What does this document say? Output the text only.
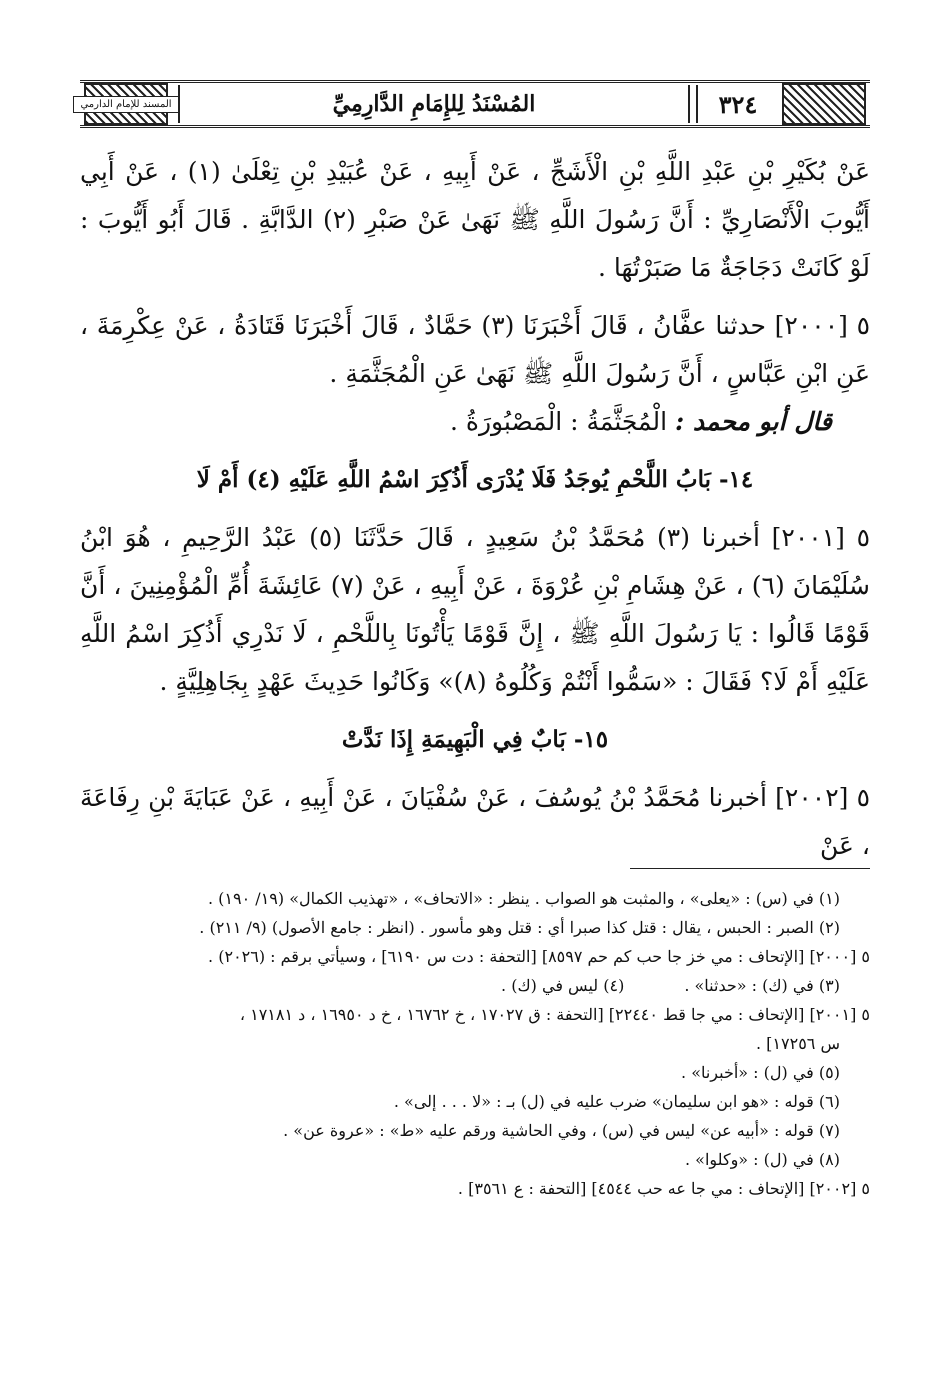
المسند للإمام الدارمي	المُسْنَدُ لِلإِمَامِ الدَّارِمِيِّ	٣٢٤

عَنْ بُكَيْرِ بْنِ عَبْدِ اللَّهِ بْنِ الْأَشَجِّ ، عَنْ أَبِيهِ ، عَنْ عُبَيْدِ بْنِ تِعْلَىٰ (١) ، عَنْ أَبِي أَيُّوبَ الْأَنْصَارِيِّ : أَنَّ رَسُولَ اللَّهِ ﷺ نَهَىٰ عَنْ صَبْرِ (٢) الدَّابَّةِ . قَالَ أَبُو أَيُّوبَ : لَوْ كَانَتْ دَجَاجَةٌ مَا صَبَرْتُهَا .

٥ [٢٠٠٠] حدثنا عفَّانُ ، قَالَ أَخْبَرَنَا (٣) حَمَّادٌ ، قَالَ أَخْبَرَنَا قَتَادَةُ ، عَنْ عِكْرِمَةَ ، عَنِ ابْنِ عَبَّاسٍ ، أَنَّ رَسُولَ اللَّهِ ﷺ نَهَىٰ عَنِ الْمُجَثَّمَةِ .

قال أبو محمد : الْمُجَثَّمَةُ : الْمَصْبُورَةُ .

١٤- بَابُ اللَّحْمِ يُوجَدُ فَلَا يُدْرَى أَذُكِرَ اسْمُ اللَّهِ عَلَيْهِ (٤) أَمْ لَا

٥ [٢٠٠١] أخبرنا (٣) مُحَمَّدُ بْنُ سَعِيدٍ ، قَالَ حَدَّثَنَا (٥) عَبْدُ الرَّحِيمِ ، هُوَ ابْنُ سُلَيْمَانَ (٦) ، عَنْ هِشَامِ بْنِ عُرْوَةَ ، عَنْ أَبِيهِ ، عَنْ (٧) عَائِشَةَ أُمِّ الْمُؤْمِنِينَ ، أَنَّ قَوْمًا قَالُوا : يَا رَسُولَ اللَّهِ ﷺ ، إِنَّ قَوْمًا يَأْتُونَا بِاللَّحْمِ ، لَا نَدْرِي أَذُكِرَ اسْمُ اللَّهِ عَلَيْهِ أَمْ لَا؟ فَقَالَ : «سَمُّوا أَنْتُمْ وَكُلُوهُ (٨)» وَكَانُوا حَدِيثَ عَهْدٍ بِجَاهِلِيَّةٍ .

١٥- بَابٌ فِي الْبَهِيمَةِ إِذَا نَدَّتْ

٥ [٢٠٠٢] أخبرنا مُحَمَّدُ بْنُ يُوسُفَ ، عَنْ سُفْيَانَ ، عَنْ أَبِيهِ ، عَنْ عَبَايَةَ بْنِ رِفَاعَةَ ، عَنْ

(١) في (س) : «يعلى» ، والمثبت هو الصواب . ينظر : «الاتحاف» ، «تهذيب الكمال» (١٩/ ١٩٠) .

(٢) الصبر : الحبس ، يقال : قتل كذا صبرا أي : قتل وهو مأسور . (انظر : جامع الأصول) (٩/ ٢١١) .

٥ [٢٠٠٠] [الإتحاف : مي خز جا حب كم حم ٨٥٩٧] [التحفة : دت س ٦١٩٠] ، وسيأتي برقم : (٢٠٢٦) .

(٣) في (ك) : «حدثنا» .

(٤) ليس في (ك) .

٥ [٢٠٠١] [الإتحاف : مي جا قط ٢٢٤٤٠] [التحفة : ق ١٧٠٢٧ ، خ ١٦٧٦٢ ، خ د ١٦٩٥٠ ، د ١٧١٨١ ،

س ١٧٢٥٦] .

(٥) في (ل) : «أخبرنا» .

(٦) قوله : «هو ابن سليمان» ضرب عليه في (ل) بـ : «لا . . . إلى» .

(٧) قوله : «أبيه عن» ليس في (س) ، وفي الحاشية ورقم عليه «ط» : «عروة عن» .

(٨) في (ل) : «وكلوا» .

٥ [٢٠٠٢] [الإتحاف : مي جا عه حب ٤٥٤٤] [التحفة : ع ٣٥٦١] .
